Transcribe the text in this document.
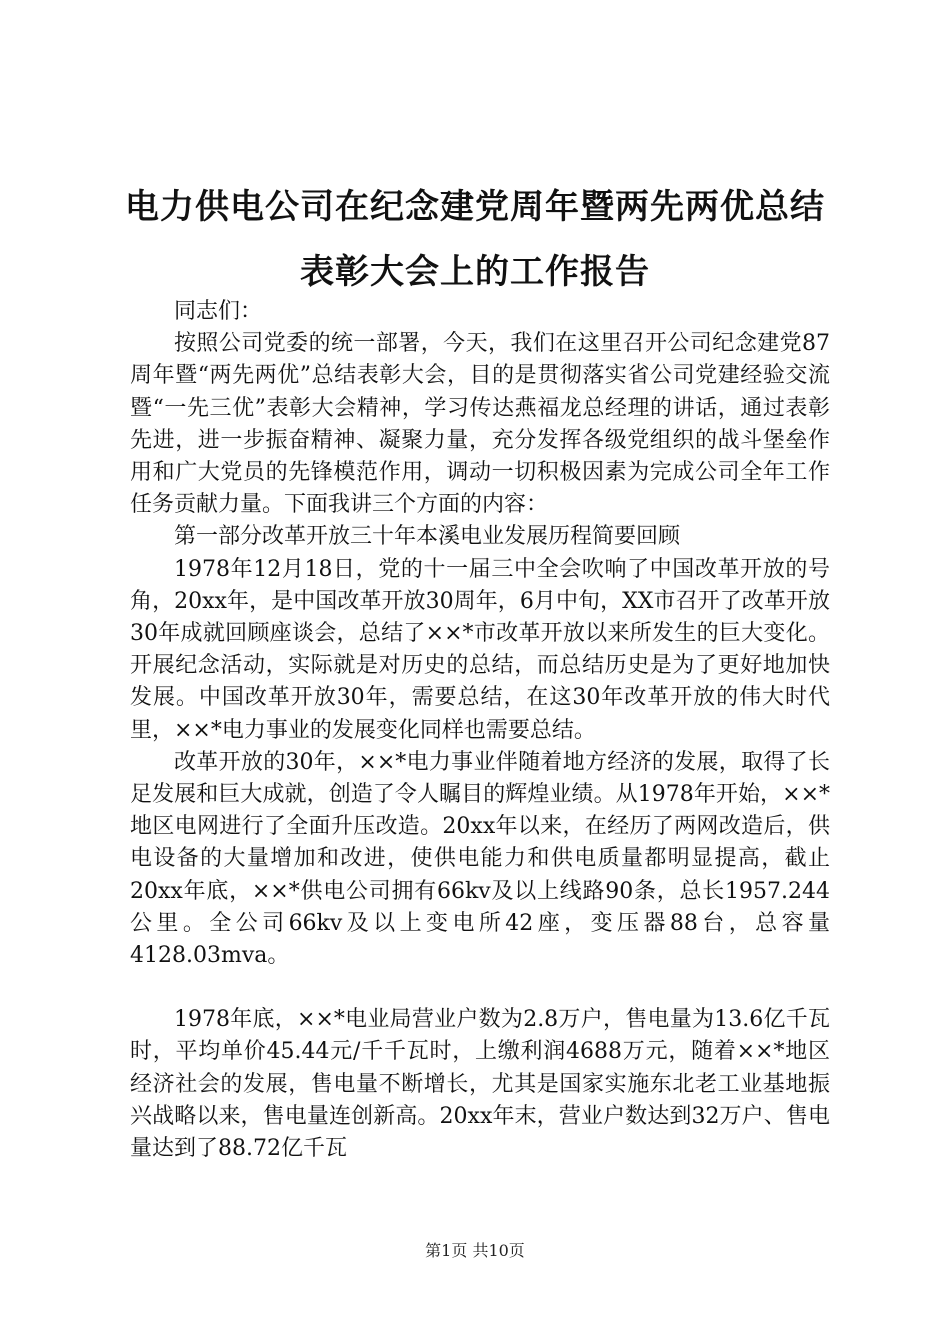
电力供电公司在纪念建党周年暨两先两优总结
表彰大会上的工作报告

同志们：

按照公司党委的统一部署，今天，我们在这里召开公司纪念建党87周年暨“两先两优”总结表彰大会，目的是贯彻落实省公司党建经验交流暨“一先三优”表彰大会精神，学习传达燕福龙总经理的讲话，通过表彰先进，进一步振奋精神、凝聚力量，充分发挥各级党组织的战斗堡垒作用和广大党员的先锋模范作用，调动一切积极因素为完成公司全年工作任务贡献力量。下面我讲三个方面的内容：

第一部分改革开放三十年本溪电业发展历程简要回顾

1978年12月18日，党的十一届三中全会吹响了中国改革开放的号角，20xx年，是中国改革开放30周年，6月中旬，XX市召开了改革开放30年成就回顾座谈会，总结了××*市改革开放以来所发生的巨大变化。开展纪念活动，实际就是对历史的总结，而总结历史是为了更好地加快发展。中国改革开放30年，需要总结，在这30年改革开放的伟大时代里，××*电力事业的发展变化同样也需要总结。

改革开放的30年，××*电力事业伴随着地方经济的发展，取得了长足发展和巨大成就，创造了令人瞩目的辉煌业绩。从1978年开始，××*地区电网进行了全面升压改造。20xx年以来，在经历了两网改造后，供电设备的大量增加和改进，使供电能力和供电质量都明显提高，截止20xx年底，××*供电公司拥有66kv及以上线路90条，总长1957.244公里。全公司66kv及以上变电所42座，变压器88台，总容量4128.03mva。

1978年底，××*电业局营业户数为2.8万户，售电量为13.6亿千瓦时，平均单价45.44元/千千瓦时，上缴利润4688万元，随着××*地区经济社会的发展，售电量不断增长，尤其是国家实施东北老工业基地振兴战略以来，售电量连创新高。20xx年末，营业户数达到32万户、售电量达到了88.72亿千瓦

第1页 共10页
